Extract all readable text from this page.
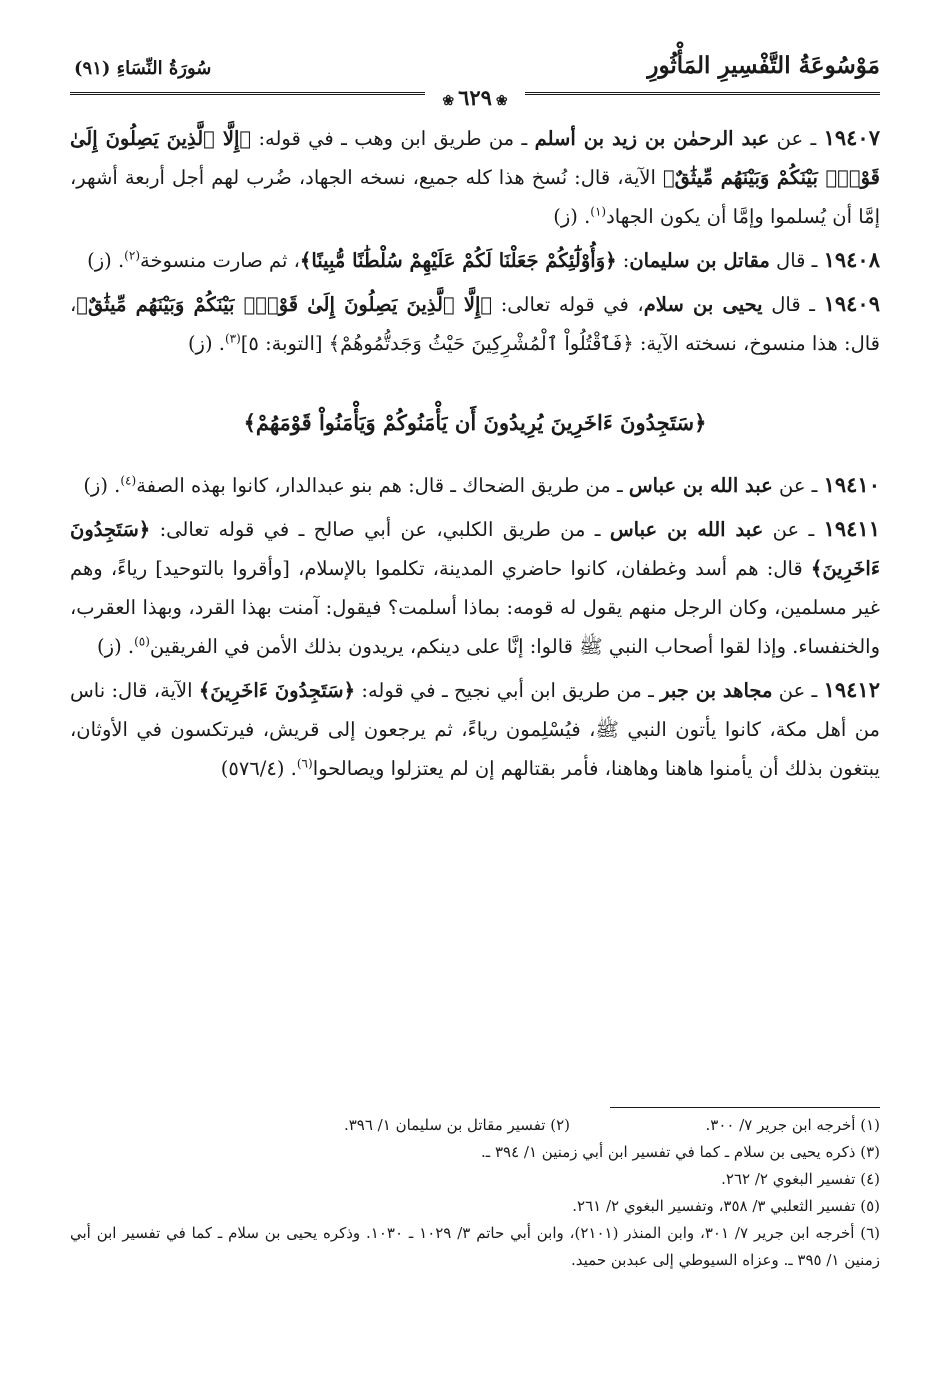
مَوْسُوعَةُ التَّفْسِيرِ المَأْثُورِ
سُورَةُ النِّسَاءِ (٩١)
❀ ٦٢٩ ❀

١٩٤٠٧ ـ عن عبد الرحمٰن بن زيد بن أسلم ـ من طريق ابن وهب ـ في قوله: ﴿إِلَّا ٱلَّذِينَ يَصِلُونَ إِلَىٰ قَوْمِۭ بَيْنَكُمْ وَبَيْنَهُم مِّيثَٰقٌ﴾ الآية، قال: نُسخ هذا كله جميع، نسخه الجهاد، ضُرب لهم أجل أربعة أشهر، إمَّا أن يُسلموا وإمَّا أن يكون الجهاد$^{(١)}$. (ز)

١٩٤٠٨ ـ قال مقاتل بن سليمان: ﴿وَأُوْلَٰٓئِكُمْ جَعَلْنَا لَكُمْ عَلَيْهِمْ سُلْطَٰنًا مُّبِينًا﴾، ثم صارت منسوخة$^{(٢)}$. (ز)

١٩٤٠٩ ـ قال يحيى بن سلام، في قوله تعالى: ﴿إِلَّا ٱلَّذِينَ يَصِلُونَ إِلَىٰ قَوْمِۭ بَيْنَكُمْ وَبَيْنَهُم مِّيثَٰقٌ﴾، قال: هذا منسوخ، نسخته الآية: ﴿فَٱقْتُلُواْ ٱلْمُشْرِكِينَ حَيْثُ وَجَدتُّمُوهُمْ﴾ [التوبة: ٥]$^{(٣)}$. (ز)

﴿سَتَجِدُونَ ءَاخَرِينَ يُرِيدُونَ أَن يَأْمَنُوكُمْ وَيَأْمَنُواْ قَوْمَهُمْ﴾

١٩٤١٠ ـ عن عبد الله بن عباس ـ من طريق الضحاك ـ قال: هم بنو عبدالدار، كانوا بهذه الصفة$^{(٤)}$. (ز)

١٩٤١١ ـ عن عبد الله بن عباس ـ من طريق الكلبي، عن أبي صالح ـ في قوله تعالى: ﴿سَتَجِدُونَ ءَاخَرِينَ﴾ قال: هم أسد وغطفان، كانوا حاضري المدينة، تكلموا بالإسلام، [وأقروا بالتوحيد] رياءً، وهم غير مسلمين، وكان الرجل منهم يقول له قومه: بماذا أسلمت؟ فيقول: آمنت بهذا القرد، وبهذا العقرب، والخنفساء. وإذا لقوا أصحاب النبي ﷺ قالوا: إنَّا على دينكم، يريدون بذلك الأمن في الفريقين$^{(٥)}$. (ز)

١٩٤١٢ ـ عن مجاهد بن جبر ـ من طريق ابن أبي نجيح ـ في قوله: ﴿سَتَجِدُونَ ءَاخَرِينَ﴾ الآية، قال: ناس من أهل مكة، كانوا يأتون النبي ﷺ، فيُسْلِمون رياءً، ثم يرجعون إلى قريش، فيرتكسون في الأوثان، يبتغون بذلك أن يأمنوا هاهنا وهاهنا، فأمر بقتالهم إن لم يعتزلوا ويصالحوا$^{(٦)}$. (٥٧٦/٤)

(١) أخرجه ابن جرير ٧/ ٣٠٠.
(٢) تفسير مقاتل بن سليمان ١/ ٣٩٦.

(٣) ذكره يحيى بن سلام ـ كما في تفسير ابن أبي زمنين ١/ ٣٩٤ ـ.

(٤) تفسير البغوي ٢/ ٢٦٢.

(٥) تفسير الثعلبي ٣/ ٣٥٨، وتفسير البغوي ٢/ ٢٦١.

(٦) أخرجه ابن جرير ٧/ ٣٠١، وابن المنذر (٢١٠١)، وابن أبي حاتم ٣/ ١٠٢٩ ـ ١٠٣٠. وذكره يحيى بن سلام ـ كما في تفسير ابن أبي زمنين ١/ ٣٩٥ ـ. وعزاه السيوطي إلى عبدبن حميد.
